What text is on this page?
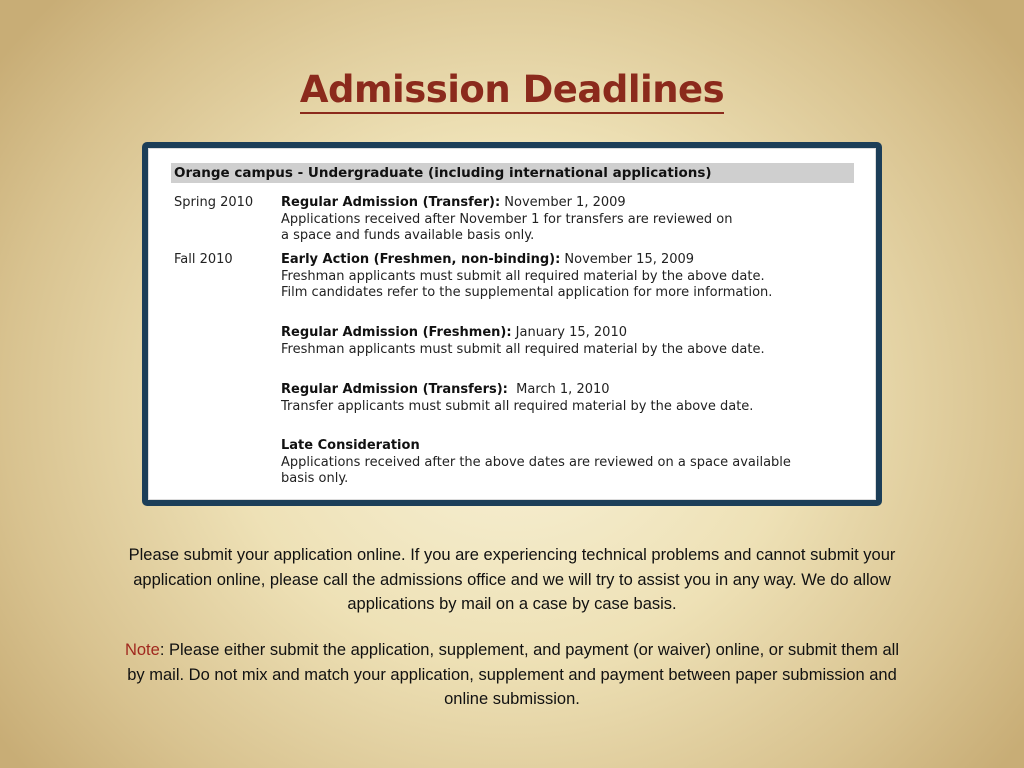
Admission Deadlines
Orange campus - Undergraduate (including international applications)
Spring 2010	Regular Admission (Transfer): November 1, 2009
Applications received after November 1 for transfers are reviewed on
a space and funds available basis only.
Fall 2010	Early Action (Freshmen, non-binding): November 15, 2009
Freshman applicants must submit all required material by the above date.
Film candidates refer to the supplemental application for more information.
Regular Admission (Freshmen): January 15, 2010
Freshman applicants must submit all required material by the above date.
Regular Admission (Transfers):  March 1, 2010
Transfer applicants must submit all required material by the above date.
Late Consideration
Applications received after the above dates are reviewed on a space available
basis only.

Please submit your application online. If you are experiencing technical problems and cannot submit your application online, please call the admissions office and we will try to assist you in any way. We do allow applications by mail on a case by case basis.

Note: Please either submit the application, supplement, and payment (or waiver) online, or submit them all by mail. Do not mix and match your application, supplement and payment between paper submission and online submission.
